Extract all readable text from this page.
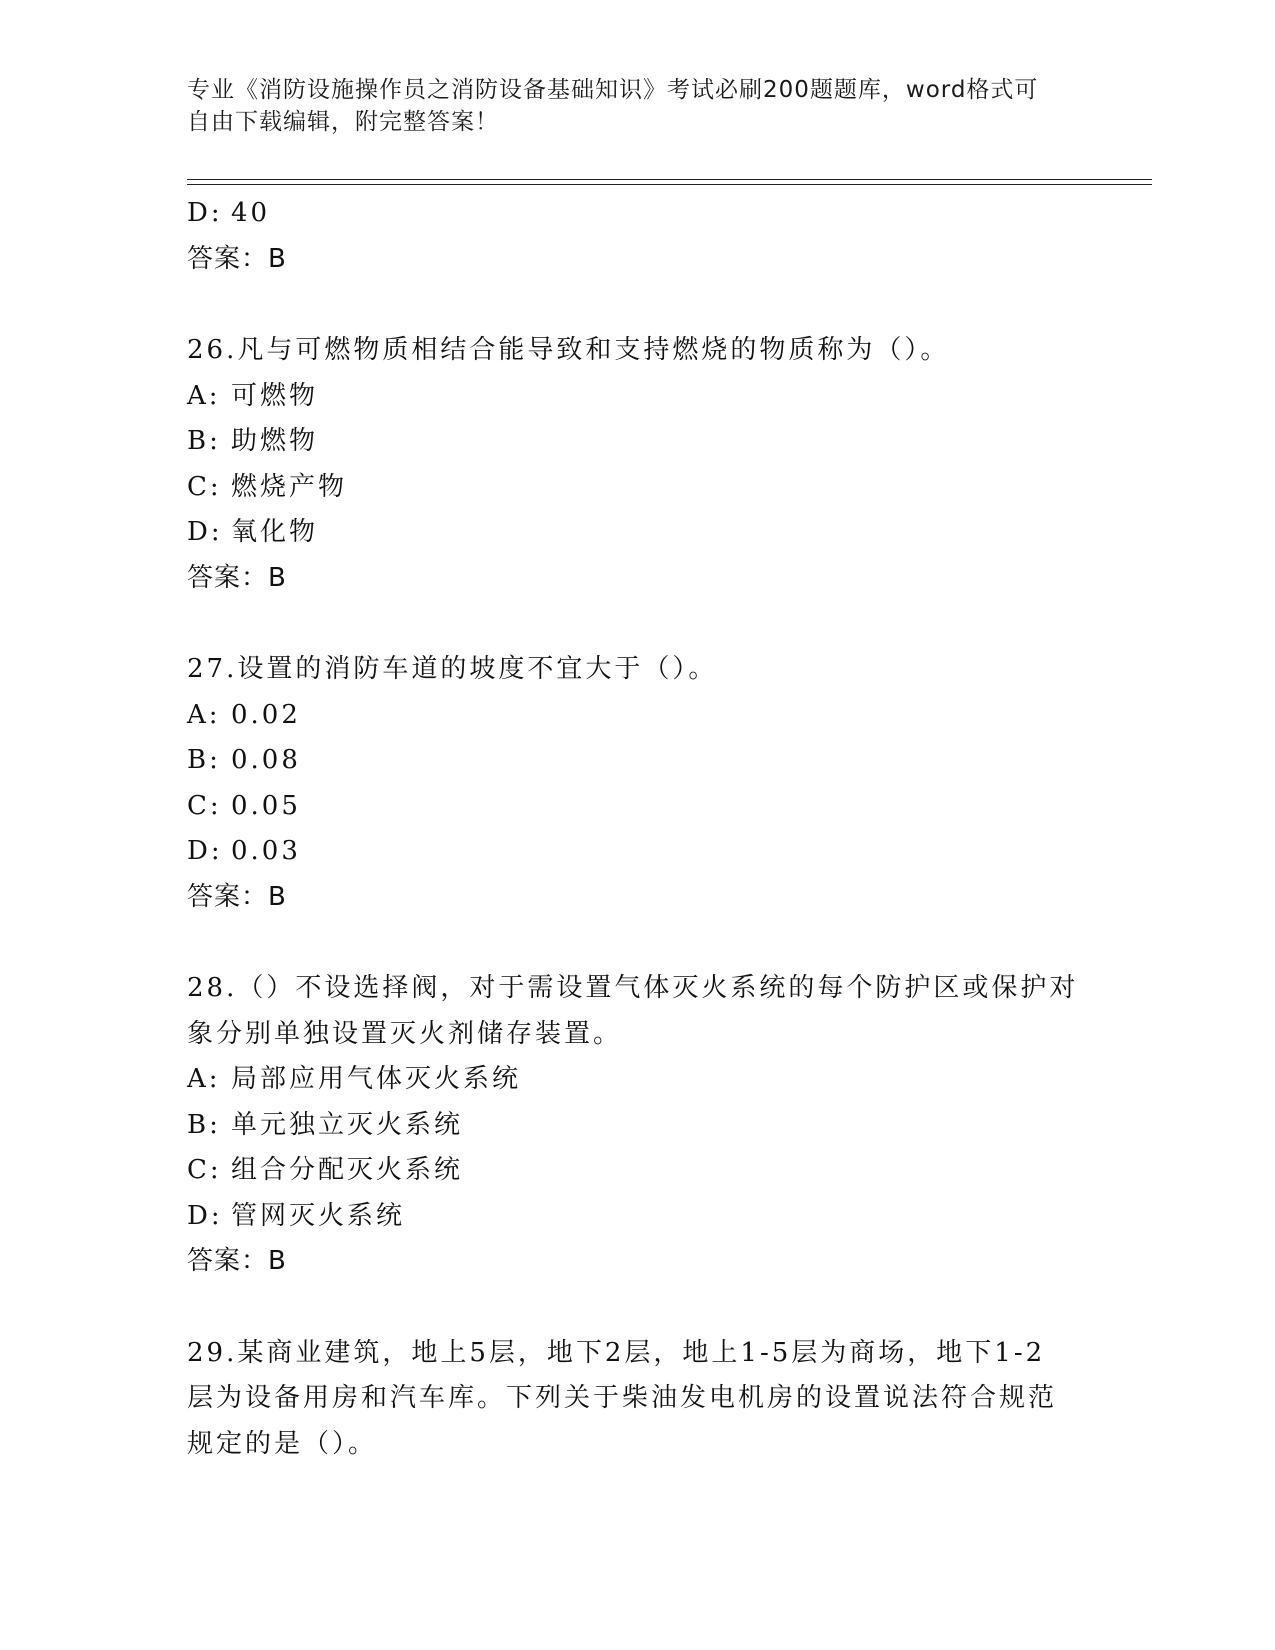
专业《消防设施操作员之消防设备基础知识》考试必刷200题题库，word格式可
自由下载编辑，附完整答案！
D: 40
答案：B
26.凡与可燃物质相结合能导致和支持燃烧的物质称为（）。
A: 可燃物
B: 助燃物
C: 燃烧产物
D: 氧化物
答案：B
27.设置的消防车道的坡度不宜大于（）。
A: 0.02
B: 0.08
C: 0.05
D: 0.03
答案：B
28.（）不设选择阀，对于需设置气体灭火系统的每个防护区或保护对
象分别单独设置灭火剂储存装置。
A: 局部应用气体灭火系统
B: 单元独立灭火系统
C: 组合分配灭火系统
D: 管网灭火系统
答案：B
29.某商业建筑，地上5层，地下2层，地上1-5层为商场，地下1-2
层为设备用房和汽车库。下列关于柴油发电机房的设置说法符合规范
规定的是（）。
